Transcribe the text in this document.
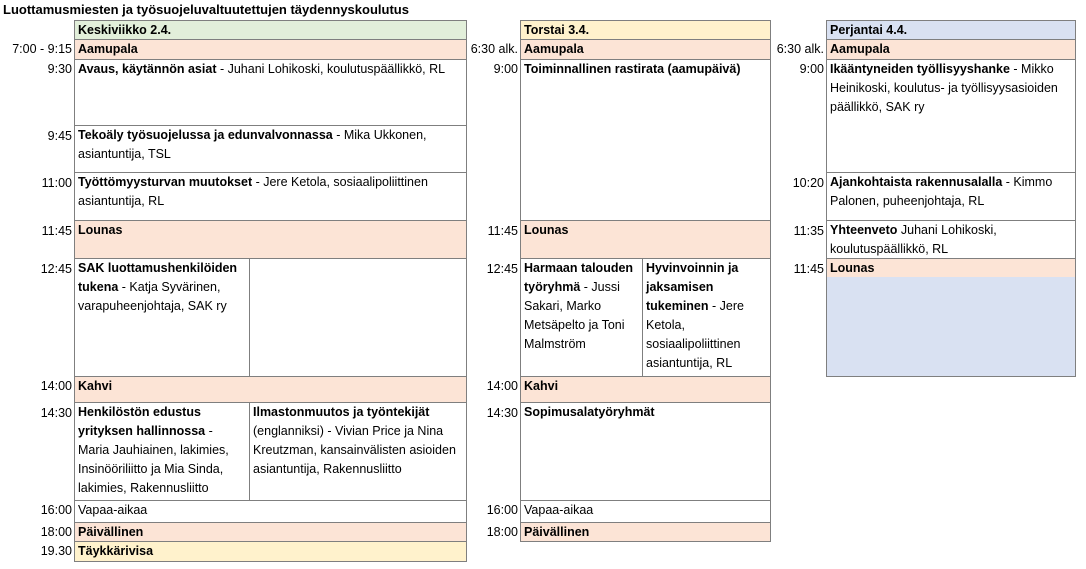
Luottamusmiesten ja työsuojeluvaltuutettujen täydennyskoulutus
Keskiviikko 2.4.
7:00 - 9:15 Aamupala
9:30 Avaus, käytännön asiat - Juhani Lohikoski, koulutuspäällikkö, RL
9:45 Tekoäly työsuojelussa ja edunvalvonnassa - Mika Ukkonen, asiantuntija, TSL
11:00 Työttömyysturvan muutokset - Jere Ketola, sosiaalipoliittinen asiantuntija, RL
11:45 Lounas
12:45 SAK luottamushenkilöiden tukena - Katja Syvärinen, varapuheenjohtaja, SAK ry
14:00 Kahvi
14:30 Henkilöstön edustus yrityksen hallinnossa - Maria Jauhiainen, lakimies, Insinööriliitto ja Mia Sinda, lakimies, Rakennusliitto
Ilmastonmuutos ja työntekijät (englanniksi) - Vivian Price ja Nina Kreutzman, kansainvälisten asioiden asiantuntija, Rakennusliitto
16:00 Vapaa-aikaa
18:00 Päivällinen
19.30 Täykkärivisa
Torstai 3.4.
6:30 alk. Aamupala
9:00 Toiminnallinen rastirata (aamupäivä)
11:45 Lounas
12:45 Harmaan talouden työryhmä - Jussi Sakari, Marko Metsäpelto ja Toni Malmström
Hyvinvoinnin ja jaksamisen tukeminen - Jere Ketola, sosiaalipoliittinen asiantuntija, RL
14:00 Kahvi
14:30 Sopimusalatyöryhmät
16:00 Vapaa-aikaa
18:00 Päivällinen
Perjantai 4.4.
6:30 alk. Aamupala
9:00 Ikääntyneiden työllisyyshanke - Mikko Heinikoski, koulutus- ja työllisyysasioiden päällikkö, SAK ry
10:20 Ajankohtaista rakennusalalla - Kimmo Palonen, puheenjohtaja, RL
11:35 Yhteenveto Juhani Lohikoski, koulutuspäällikkö, RL
11:45 Lounas
